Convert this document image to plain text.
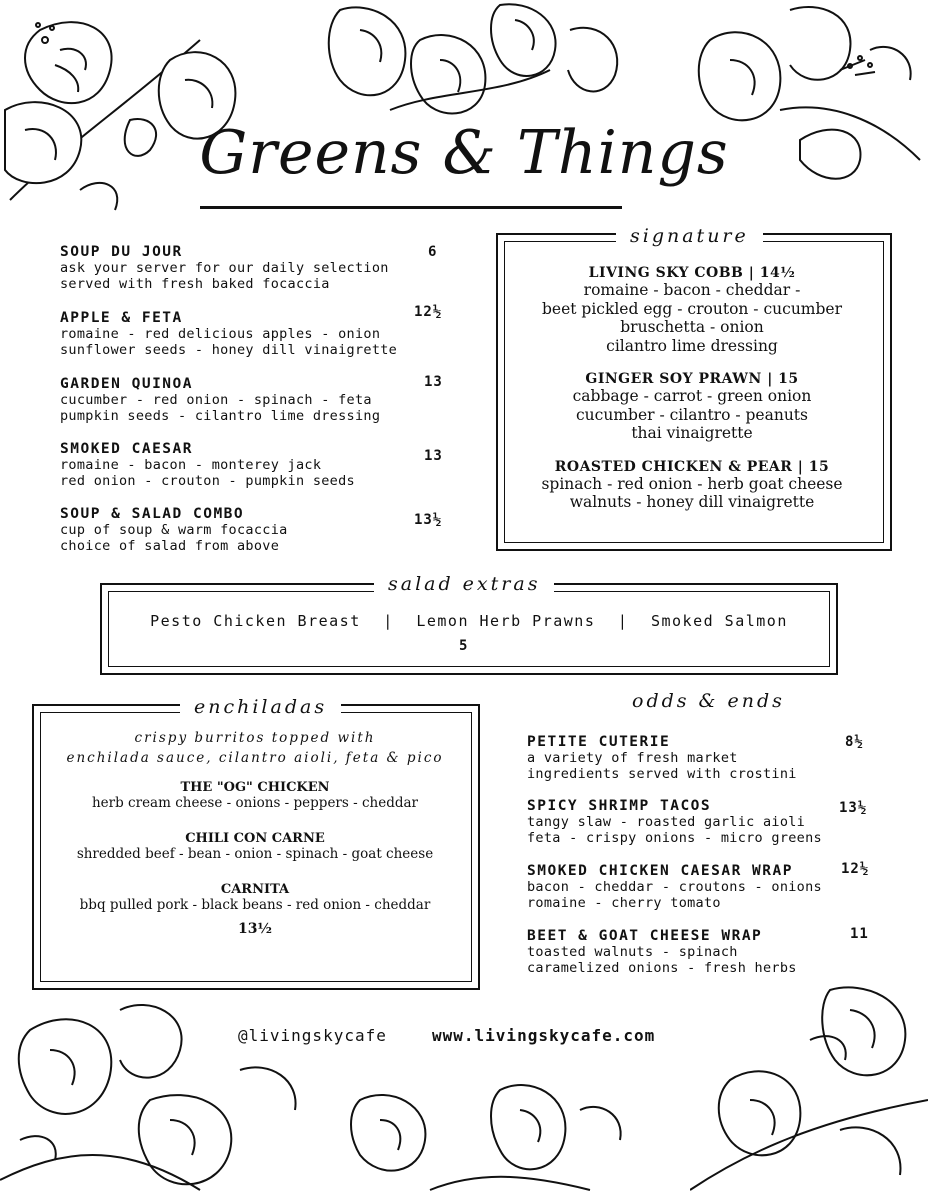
Greens & Things
SOUP DU JOUR
ask your server for our daily selection
served with fresh baked focaccia
6
APPLE & FETA
romaine - red delicious apples - onion
sunflower seeds - honey dill vinaigrette
12½
GARDEN QUINOA
cucumber - red onion - spinach - feta
pumpkin seeds - cilantro lime dressing
13
SMOKED CAESAR
romaine - bacon - monterey jack
red onion - crouton - pumpkin seeds
13
SOUP & SALAD COMBO
cup of soup & warm focaccia
choice of salad from above
13½
signature
LIVING SKY COBB | 14½
romaine - bacon - cheddar -
beet pickled egg - crouton - cucumber
bruschetta - onion
cilantro lime dressing
GINGER SOY PRAWN | 15
cabbage - carrot - green onion
cucumber - cilantro - peanuts
thai vinaigrette
ROASTED CHICKEN & PEAR | 15
spinach - red onion - herb goat cheese
walnuts - honey dill vinaigrette
salad extras
Pesto Chicken Breast | Lemon Herb Prawns | Smoked Salmon
5
enchiladas
crispy burritos topped with
enchilada sauce, cilantro aioli, feta & pico
THE "OG" CHICKEN
herb cream cheese - onions - peppers - cheddar
CHILI CON CARNE
shredded beef - bean - onion - spinach - goat cheese
CARNITA
bbq pulled pork - black beans - red onion - cheddar
13½
odds & ends
PETITE CUTERIE
a variety of fresh market
ingredients served with crostini
8½
SPICY SHRIMP TACOS
tangy slaw - roasted garlic aioli
feta - crispy onions - micro greens
13½
SMOKED CHICKEN CAESAR WRAP
bacon - cheddar - croutons - onions
romaine - cherry tomato
12½
BEET & GOAT CHEESE WRAP
toasted walnuts - spinach
caramelized onions - fresh herbs
11
@livingskycafe	www.livingskycafe.com
